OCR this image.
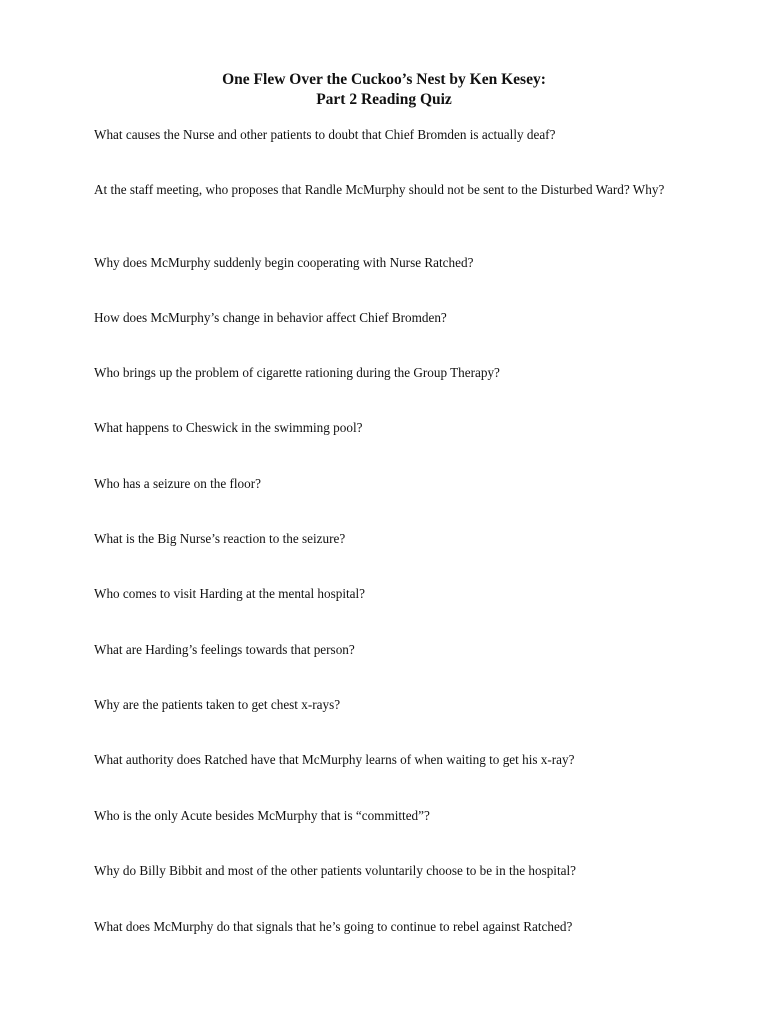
One Flew Over the Cuckoo’s Nest by Ken Kesey:
Part 2 Reading Quiz
What causes the Nurse and other patients to doubt that Chief Bromden is actually deaf?
At the staff meeting, who proposes that Randle McMurphy should not be sent to the Disturbed Ward? Why?
Why does McMurphy suddenly begin cooperating with Nurse Ratched?
How does McMurphy’s change in behavior affect Chief Bromden?
Who brings up the problem of cigarette rationing during the Group Therapy?
What happens to Cheswick in the swimming pool?
Who has a seizure on the floor?
What is the Big Nurse’s reaction to the seizure?
Who comes to visit Harding at the mental hospital?
What are Harding’s feelings towards that person?
Why are the patients taken to get chest x-rays?
What authority does Ratched have that McMurphy learns of when waiting to get his x-ray?
Who is the only Acute besides McMurphy that is “committed”?
Why do Billy Bibbit and most of the other patients voluntarily choose to be in the hospital?
What does McMurphy do that signals that he’s going to continue to rebel against Ratched?
